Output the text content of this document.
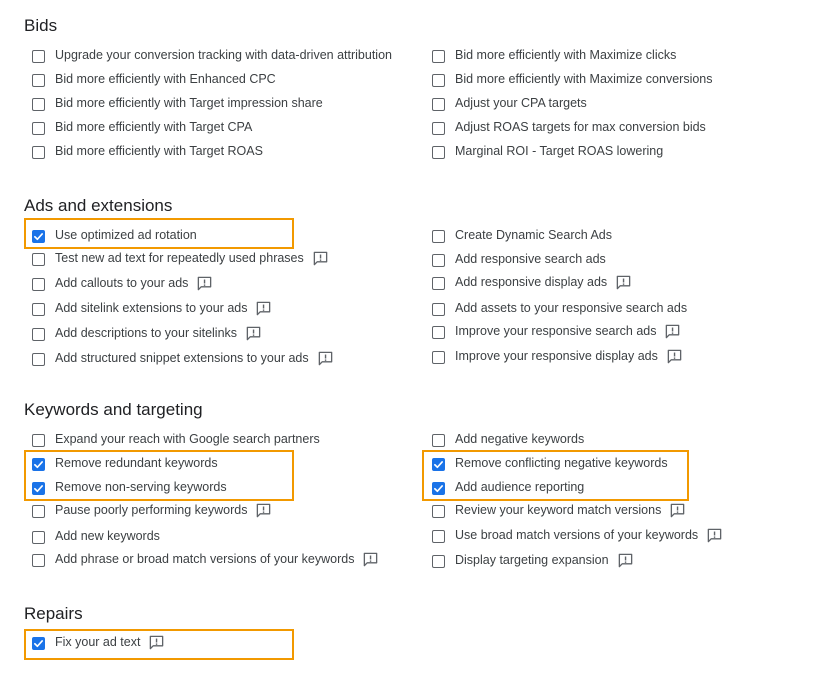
Bids
Upgrade your conversion tracking with data-driven attribution
Bid more efficiently with Enhanced CPC
Bid more efficiently with Target impression share
Bid more efficiently with Target CPA
Bid more efficiently with Target ROAS
Bid more efficiently with Maximize clicks
Bid more efficiently with Maximize conversions
Adjust your CPA targets
Adjust ROAS targets for max conversion bids
Marginal ROI - Target ROAS lowering
Ads and extensions
Use optimized ad rotation
Test new ad text for repeatedly used phrases
Add callouts to your ads
Add sitelink extensions to your ads
Add descriptions to your sitelinks
Add structured snippet extensions to your ads
Create Dynamic Search Ads
Add responsive search ads
Add responsive display ads
Add assets to your responsive search ads
Improve your responsive search ads
Improve your responsive display ads
Keywords and targeting
Expand your reach with Google search partners
Remove redundant keywords
Remove non-serving keywords
Pause poorly performing keywords
Add new keywords
Add phrase or broad match versions of your keywords
Add negative keywords
Remove conflicting negative keywords
Add audience reporting
Review your keyword match versions
Use broad match versions of your keywords
Display targeting expansion
Repairs
Fix your ad text
